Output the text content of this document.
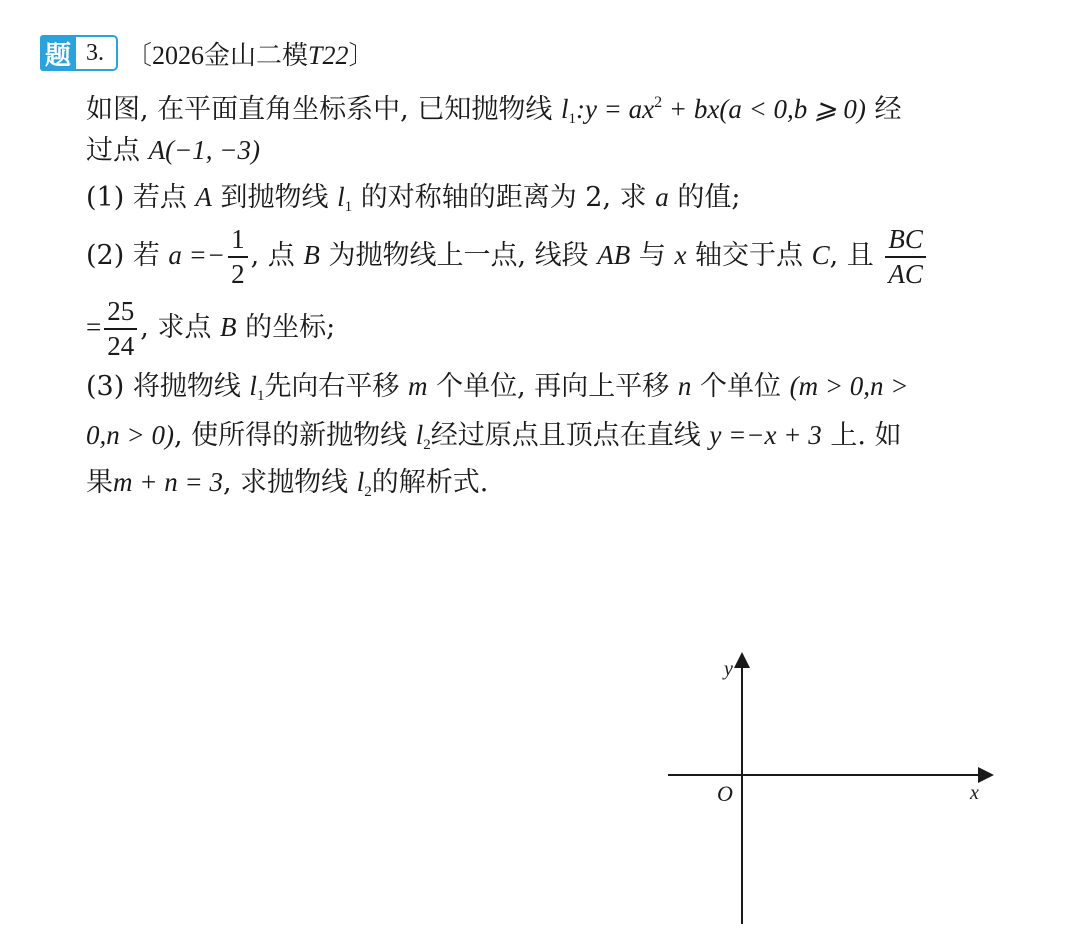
题 3. 〔2026金山二模T22〕
如图, 在平面直角坐标系中, 已知抛物线 $l_1:y = ax^2 + bx(a < 0,b$ ⩾ 0) 经
过点 A(−1, −3)
(1) 若点 A 到抛物线 $l_1$ 的对称轴的距离为 2, 求 a 的值;
(2) 若 $a =- \frac{1}{2}$ , 点 B 为抛物线上一点, 线段 AB 与 x 轴交于点 C, 且 $\frac{BC}{AC}$
= $\frac{25}{24}$ , 求点 B 的坐标;
(3) 将抛物线 $l_1$先向右平移 m 个单位, 再向上平移 n 个单位 (m > 0,n >
0,n > 0), 使所得的新抛物线 $l_2$经过原点且顶点在直线 y =−x + 3 上. 如
果m + n = 3, 求抛物线 $l_2$的解析式.
y
x
O
